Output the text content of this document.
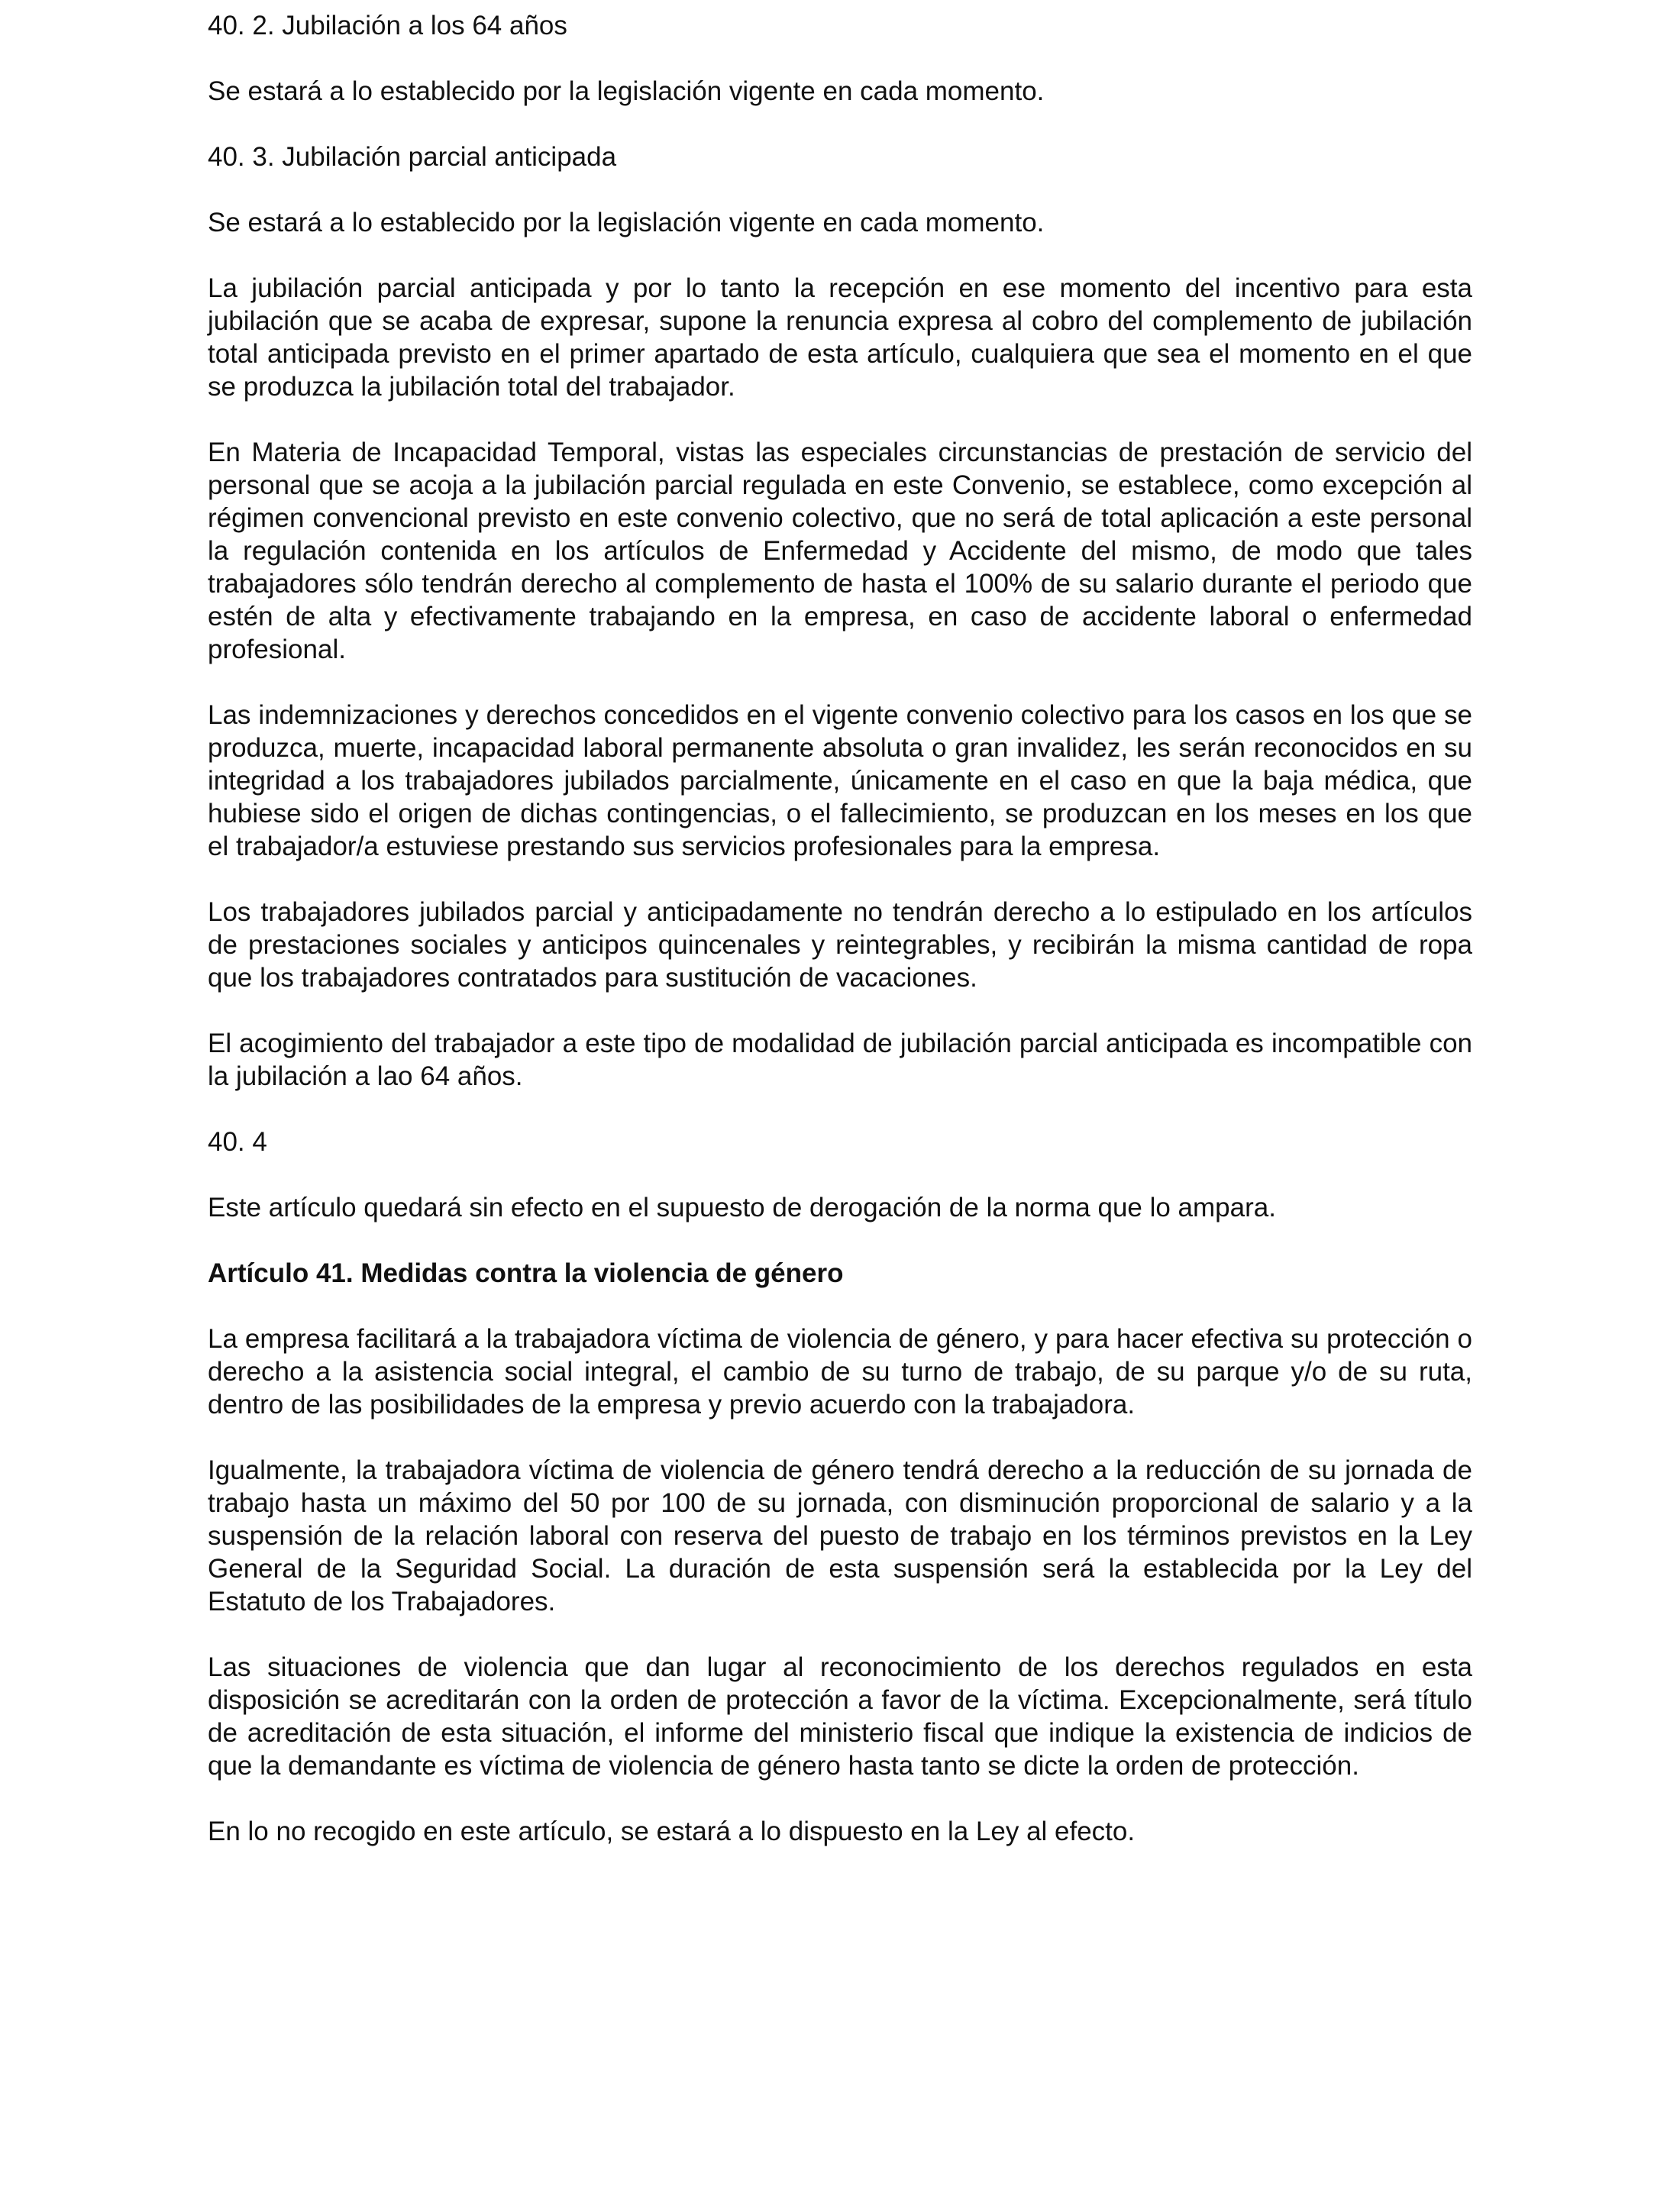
40. 2. Jubilación a los 64 años

Se estará a lo establecido por la legislación vigente en cada momento.

40. 3. Jubilación parcial anticipada

Se estará a lo establecido por la legislación vigente en cada momento.

La jubilación parcial anticipada y por lo tanto la recepción en ese momento del incentivo para esta jubilación que se acaba de expresar, supone la renuncia expresa al cobro del complemento de jubilación total anticipada previsto en el primer apartado de esta artículo, cualquiera que sea el momento en el que se produzca la jubilación total del trabajador.

En Materia de Incapacidad Temporal, vistas las especiales circunstancias de prestación de servicio del personal que se acoja a la jubilación parcial regulada en este Convenio, se establece, como excepción al régimen convencional previsto en este convenio colectivo, que no será de total aplicación a este personal la regulación contenida en los artículos de Enfermedad y Accidente del mismo, de modo que tales trabajadores sólo tendrán derecho al complemento de hasta el 100% de su salario durante el periodo que estén de alta y efectivamente trabajando en la empresa, en caso de accidente laboral o enfermedad profesional.

Las indemnizaciones y derechos concedidos en el vigente convenio colectivo para los casos en los que se produzca, muerte, incapacidad laboral permanente absoluta o gran invalidez, les serán reconocidos en su integridad a los trabajadores jubilados parcialmente, únicamente en el caso en que la baja médica, que hubiese sido el origen de dichas contingencias, o el fallecimiento, se produzcan en los meses en los que el trabajador/a estuviese prestando sus servicios profesionales para la empresa.

Los trabajadores jubilados parcial y anticipadamente no tendrán derecho a lo estipulado en los artículos de prestaciones sociales y anticipos quincenales y reintegrables, y recibirán la misma cantidad de ropa que los trabajadores contratados para sustitución de vacaciones.

El acogimiento del trabajador a este tipo de modalidad de jubilación parcial anticipada es incompatible con la jubilación a lao 64 años.

40. 4

Este artículo quedará sin efecto en el supuesto de derogación de la norma que lo ampara.

Artículo 41. Medidas contra la violencia de género

La empresa facilitará a la trabajadora víctima de violencia de género, y para hacer efectiva su protección o derecho a la asistencia social integral, el cambio de su turno de trabajo, de su parque y/o de su ruta, dentro de las posibilidades de la empresa y previo acuerdo con la trabajadora.

Igualmente, la trabajadora víctima de violencia de género tendrá derecho a la reducción de su jornada de trabajo hasta un máximo del 50 por 100 de su jornada, con disminución proporcional de salario y a la suspensión de la relación laboral con reserva del puesto de trabajo en los términos previstos en la Ley General de la Seguridad Social. La duración de esta suspensión será la establecida por la Ley del Estatuto de los Trabajadores.

Las situaciones de violencia que dan lugar al reconocimiento de los derechos regulados en esta disposición se acreditarán con la orden de protección a favor de la víctima. Excepcionalmente, será título de acreditación de esta situación, el informe del ministerio fiscal que indique la existencia de indicios de que la demandante es víctima de violencia de género hasta tanto se dicte la orden de protección.

En lo no recogido en este artículo, se estará a lo dispuesto en la Ley al efecto.
